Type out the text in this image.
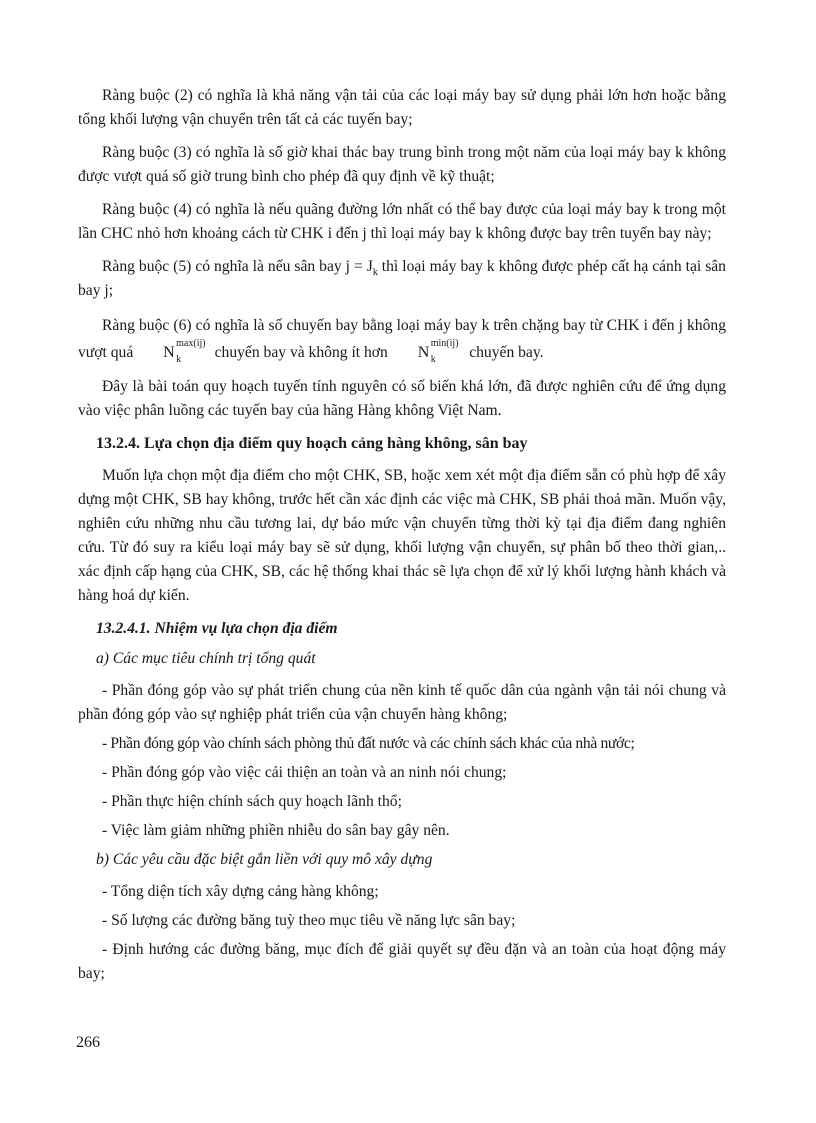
Ràng buộc (2) có nghĩa là khả năng vận tải của các loại máy bay sử dụng phải lớn hơn hoặc bằng tổng khối lượng vận chuyển trên tất cả các tuyến bay;

Ràng buộc (3) có nghĩa là số giờ khai thác bay trung bình trong một năm của loại máy bay k không được vượt quá số giờ trung bình cho phép đã quy định về kỹ thuật;

Ràng buộc (4) có nghĩa là nếu quãng đường lớn nhất có thể bay được của loại máy bay k trong một lần CHC nhỏ hơn khoảng cách từ CHK i đến j thì loại máy bay k không được bay trên tuyến bay này;

Ràng buộc (5) có nghĩa là nếu sân bay $j = J_k$ thì loại máy bay k không được phép cất hạ cánh tại sân bay j;

Ràng buộc (6) có nghĩa là số chuyến bay bằng loại máy bay k trên chặng bay từ CHK i đến j không vượt quá N
max(ij)
k chuyến bay và không ít hơn N
min(ij)
k chuyến bay.

Đây là bài toán quy hoạch tuyến tính nguyên có số biến khá lớn, đã được nghiên cứu để ứng dụng vào việc phân luồng các tuyến bay của hãng Hàng không Việt Nam.

13.2.4. Lựa chọn địa điểm quy hoạch cảng hàng không, sân bay

Muốn lựa chọn một địa điểm cho một CHK, SB, hoặc xem xét một địa điểm sẵn có phù hợp để xây dựng một CHK, SB hay không, trước hết cần xác định các việc mà CHK, SB phải thoả mãn. Muốn vậy, nghiên cứu những nhu cầu tương lai, dự báo mức vận chuyển từng thời kỳ tại địa điểm đang nghiên cứu. Từ đó suy ra kiểu loại máy bay sẽ sử dụng, khối lượng vận chuyển, sự phân bố theo thời gian,.. xác định cấp hạng của CHK, SB, các hệ thống khai thác sẽ lựa chọn để xử lý khối lượng hành khách và hàng hoá dự kiến.

13.2.4.1. Nhiệm vụ lựa chọn địa điểm
a) Các mục tiêu chính trị tổng quát
- Phần đóng góp vào sự phát triển chung của nền kinh tế quốc dân của ngành vận tải nói chung và phần đóng góp vào sự nghiệp phát triển của vận chuyển hàng không;
- Phần đóng góp vào chính sách phòng thủ đất nước và các chính sách khác của nhà nước;
- Phần đóng góp vào việc cải thiện an toàn và an ninh nói chung;
- Phần thực hiện chính sách quy hoạch lãnh thổ;
- Việc làm giảm những phiền nhiễu do sân bay gây nên.
b) Các yêu cầu đặc biệt gắn liền với quy mô xây dựng
- Tổng diện tích xây dựng cảng hàng không;
- Số lượng các đường băng tuỳ theo mục tiêu về năng lực sân bay;
- Định hướng các đường băng, mục đích để giải quyết sự đều đặn và an toàn của hoạt động máy bay;
266
